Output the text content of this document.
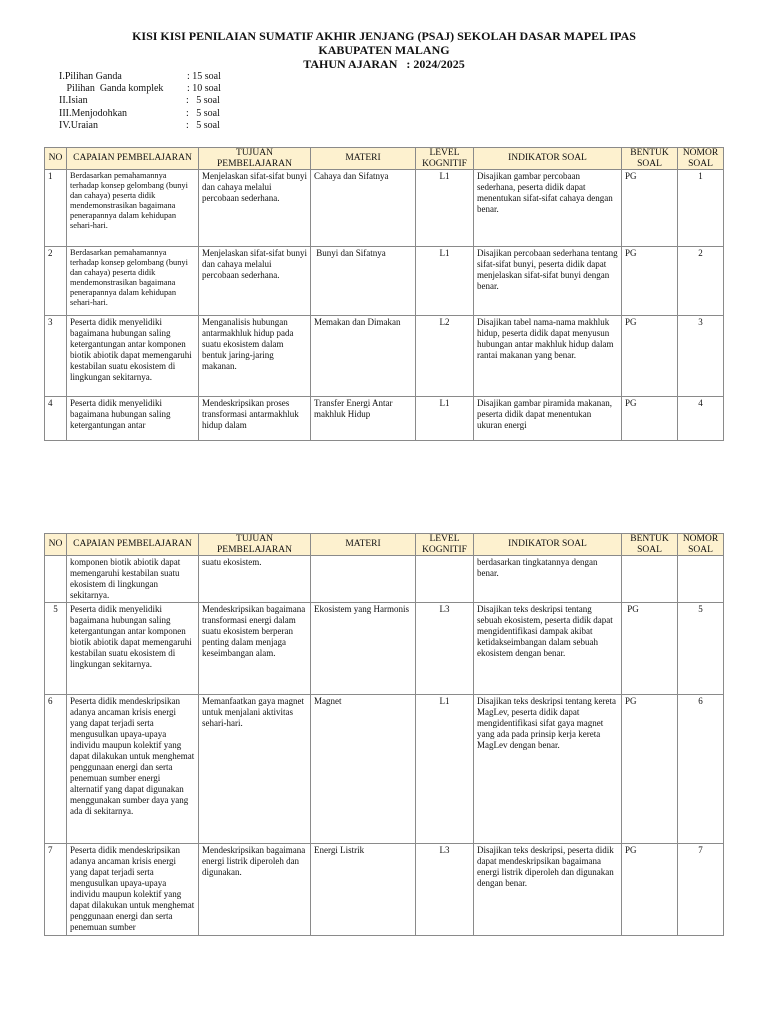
KISI KISI PENILAIAN SUMATIF AKHIR JENJANG (PSAJ) SEKOLAH DASAR MAPEL IPAS
KABUPATEN MALANG
TAHUN AJARAN   : 2024/2025
I.Pilihan Ganda	: 15 soal
Pilihan  Ganda komplek : 10 soal
II.Isian	:   5 soal
III.Menjodohkan	:   5 soal
IV.Uraian	:   5 soal
NO	CAPAIAN PEMBELAJARAN	TUJUAN PEMBELAJARAN	MATERI	LEVEL KOGNITIF	INDIKATOR SOAL	BENTUK SOAL	NOMOR SOAL
1	Berdasarkan pemahamannya terhadap konsep gelombang (bunyi dan cahaya) peserta didik mendemonstrasikan bagaimana penerapannya dalam kehidupan sehari-hari.	Menjelaskan sifat-sifat bunyi dan cahaya melalui percobaan sederhana.	Cahaya dan Sifatnya	L1	Disajikan gambar percobaan sederhana, peserta didik dapat menentukan sifat-sifat cahaya dengan benar.	PG	1
2	Berdasarkan pemahamannya terhadap konsep gelombang (bunyi dan cahaya) peserta didik mendemonstrasikan bagaimana penerapannya dalam kehidupan sehari-hari.	Menjelaskan sifat-sifat bunyi dan cahaya melalui percobaan sederhana.	Bunyi dan Sifatnya	L1	Disajikan percobaan sederhana tentang sifat-sifat bunyi, peserta didik dapat menjelaskan sifat-sifat bunyi dengan benar.	PG	2
3	Peserta didik menyelidiki bagaimana hubungan saling ketergantungan antar komponen biotik abiotik dapat memengaruhi kestabilan suatu ekosistem di lingkungan sekitarnya.	Menganalisis hubungan antarmakhluk hidup pada suatu ekosistem dalam bentuk jaring-jaring makanan.	Memakan dan Dimakan	L2	Disajikan tabel nama-nama makhluk hidup, peserta didik dapat menyusun hubungan antar makhluk hidup dalam rantai makanan yang benar.	PG	3
4	Peserta didik menyelidiki bagaimana hubungan saling ketergantungan antar	Mendeskripsikan proses transformasi antarmakhluk hidup dalam	Transfer Energi Antar makhluk Hidup	L1	Disajikan gambar piramida makanan, peserta didik dapat menentukan ukuran energi	PG	4
NO	CAPAIAN PEMBELAJARAN	TUJUAN PEMBELAJARAN	MATERI	LEVEL KOGNITIF	INDIKATOR SOAL	BENTUK SOAL	NOMOR SOAL
	komponen biotik abiotik dapat memengaruhi kestabilan suatu ekosistem di lingkungan sekitarnya.	suatu ekosistem.			berdasarkan tingkatannya dengan benar.		
5	Peserta didik menyelidiki bagaimana hubungan saling ketergantungan antar komponen biotik abiotik dapat memengaruhi kestabilan suatu ekosistem di lingkungan sekitarnya.	Mendeskripsikan bagaimana transformasi energi dalam suatu ekosistem berperan penting dalam menjaga keseimbangan alam.	Ekosistem yang Harmonis	L3	Disajikan teks deskripsi tentang sebuah ekosistem, peserta didik dapat mengidentifikasi dampak akibat ketidakseimbangan dalam sebuah ekosistem dengan benar.	PG	5
6	Peserta didik mendeskripsikan adanya ancaman krisis energi yang dapat terjadi serta mengusulkan upaya-upaya individu maupun kolektif yang dapat dilakukan untuk menghemat penggunaan energi dan serta penemuan sumber energi alternatif yang dapat digunakan menggunakan sumber daya yang ada di sekitarnya.	Memanfaatkan gaya magnet untuk menjalani aktivitas sehari-hari.	Magnet	L1	Disajikan teks deskripsi tentang kereta MagLev, peserta didik dapat mengidentifikasi sifat gaya magnet yang ada pada prinsip kerja kereta MagLev dengan benar.	PG	6
7	Peserta didik mendeskripsikan adanya ancaman krisis energi yang dapat terjadi serta mengusulkan upaya-upaya individu maupun kolektif yang dapat dilakukan untuk menghemat penggunaan energi dan serta penemuan sumber	Mendeskripsikan bagaimana energi listrik diperoleh dan digunakan.	Energi Listrik	L3	Disajikan teks deskripsi, peserta didik dapat mendeskripsikan bagaimana energi listrik diperoleh dan digunakan dengan benar.	PG	7
